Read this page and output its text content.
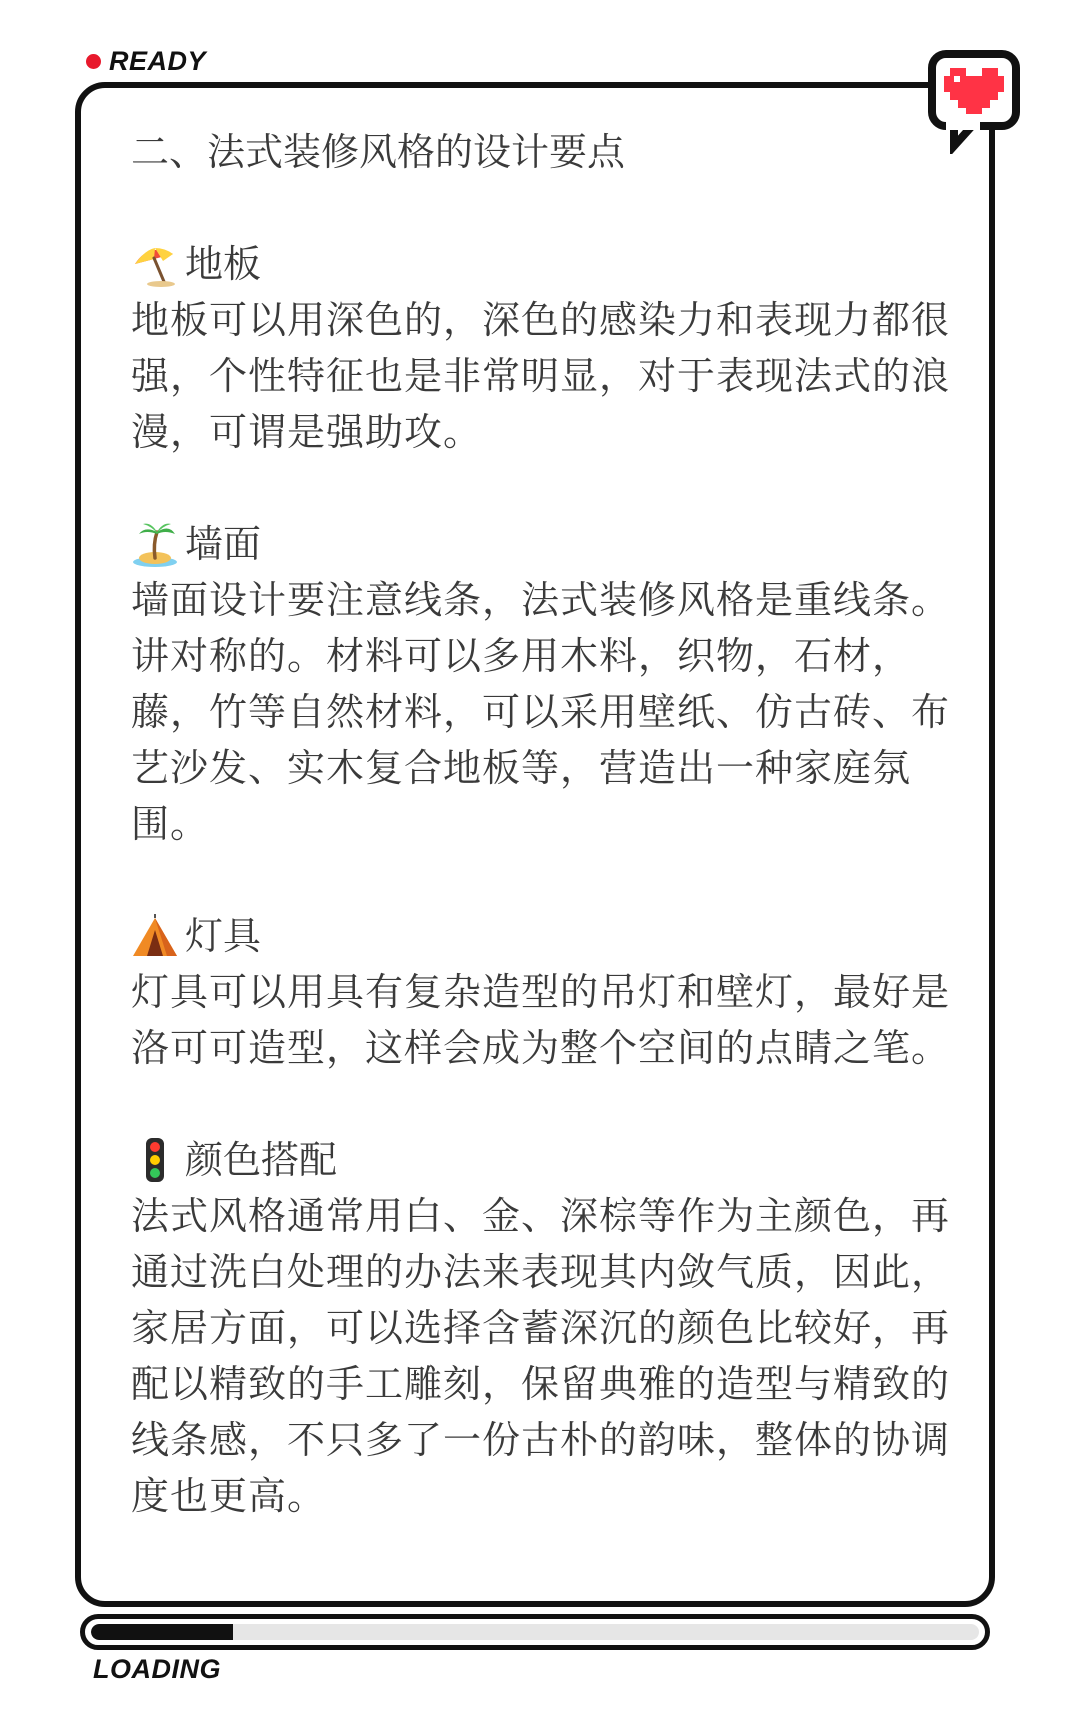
READY
二、法式装修风格的设计要点
地板
地板可以用深色的，深色的感染力和表现力都很强，个性特征也是非常明显，对于表现法式的浪漫，可谓是强助攻。
墙面
墙面设计要注意线条，法式装修风格是重线条。讲对称的。材料可以多用木料，织物，石材，藤，竹等自然材料，可以采用壁纸、仿古砖、布艺沙发、实木复合地板等，营造出一种家庭氛围。
灯具
灯具可以用具有复杂造型的吊灯和壁灯，最好是洛可可造型，这样会成为整个空间的点睛之笔。
颜色搭配
法式风格通常用白、金、深棕等作为主颜色，再通过洗白处理的办法来表现其内敛气质，因此，家居方面，可以选择含蓄深沉的颜色比较好，再配以精致的手工雕刻，保留典雅的造型与精致的线条感，不只多了一份古朴的韵味，整体的协调度也更高。
LOADING
